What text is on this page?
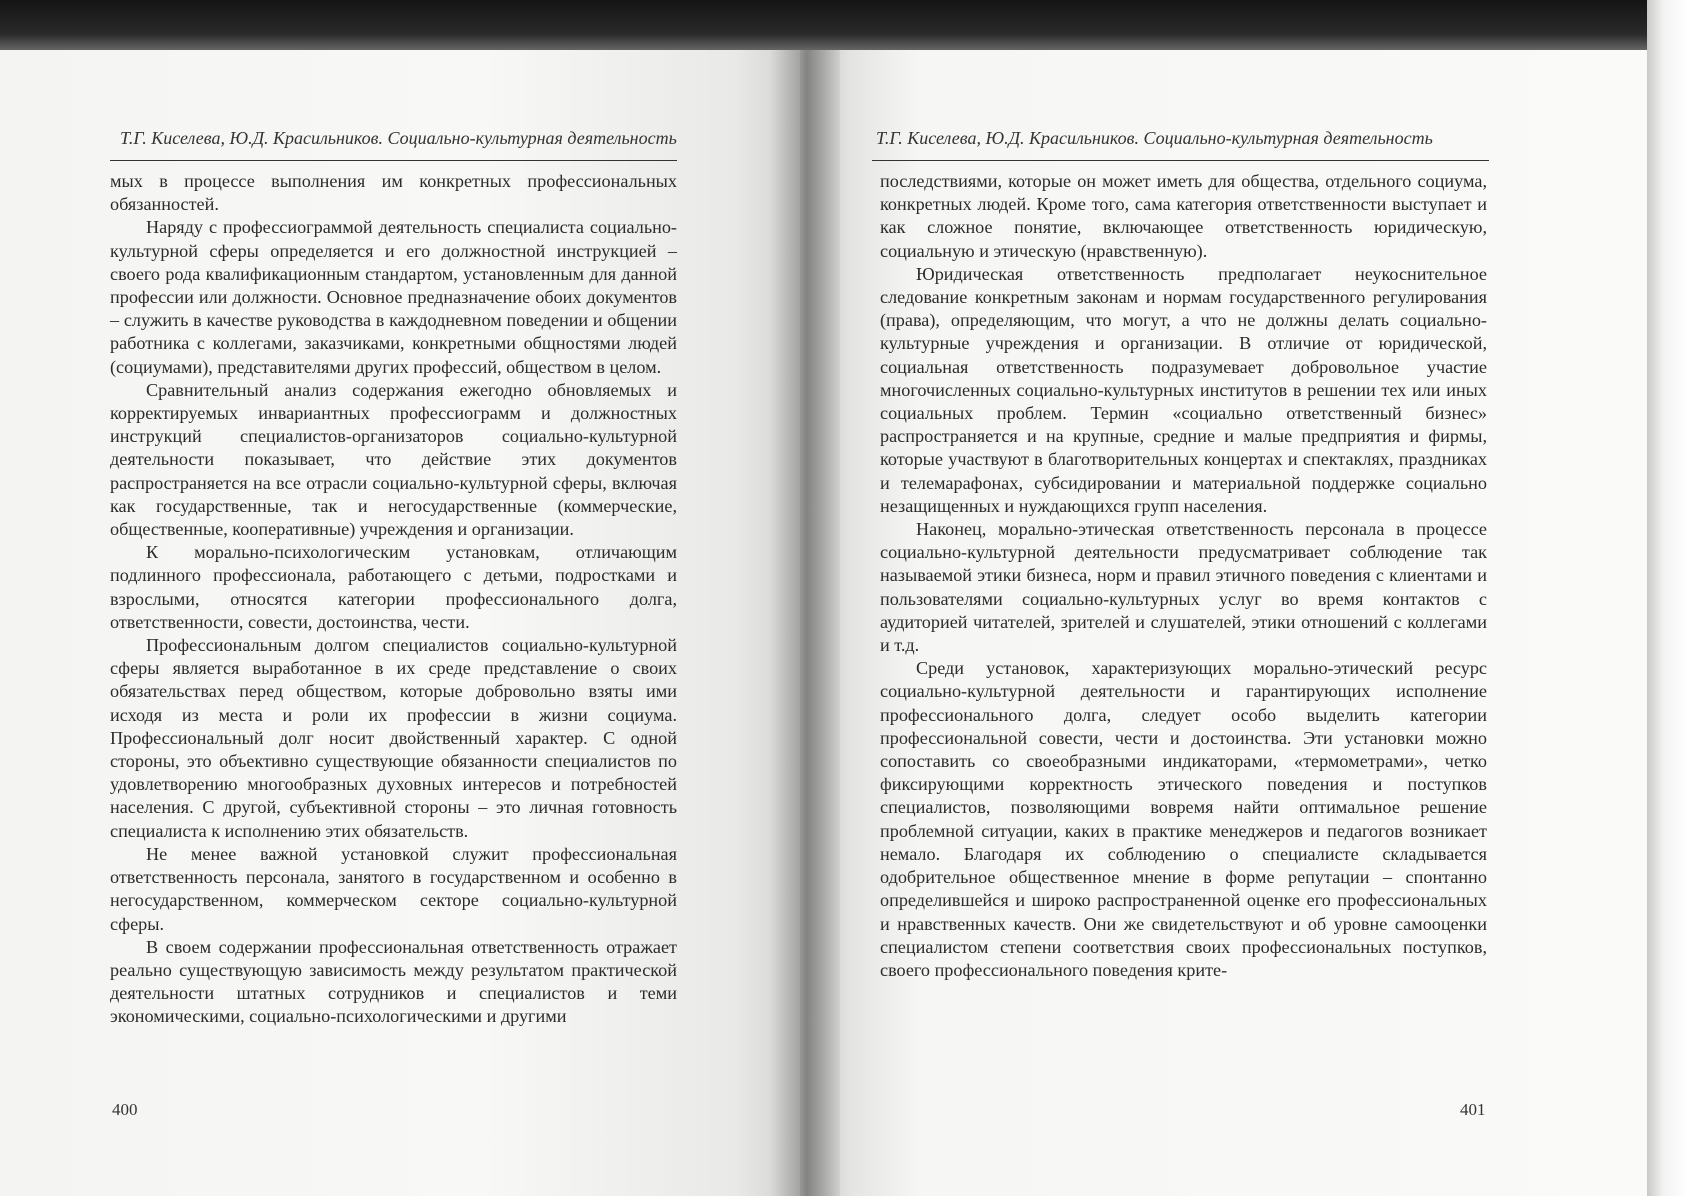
Т.Г. Киселева, Ю.Д. Красильников. Социально-культурная деятельность

мых в процессе выполнения им конкретных профессиональных обязанностей.

Наряду с профессиограммой деятельность специалиста социально-культурной сферы определяется и его должностной инструкцией – своего рода квалификационным стандартом, установленным для данной профессии или должности. Основное предназначение обоих документов – служить в качестве руководства в каждодневном поведении и общении работника с коллегами, заказчиками, конкретными общностями людей (социумами), представителями других профессий, обществом в целом.

Сравнительный анализ содержания ежегодно обновляемых и корректируемых инвариантных профессиограмм и должностных инструкций специалистов-организаторов социально-культурной деятельности показывает, что действие этих документов распространяется на все отрасли социально-культурной сферы, включая как государственные, так и негосударственные (коммерческие, общественные, кооперативные) учреждения и организации.

К морально-психологическим установкам, отличающим подлинного профессионала, работающего с детьми, подростками и взрослыми, относятся категории профессионального долга, ответственности, совести, достоинства, чести.

Профессиональным долгом специалистов социально-культурной сферы является выработанное в их среде представление о своих обязательствах перед обществом, которые добровольно взяты ими исходя из места и роли их профессии в жизни социума. Профессиональный долг носит двойственный характер. С одной стороны, это объективно существующие обязанности специалистов по удовлетворению многообразных духовных интересов и потребностей населения. С другой, субъективной стороны – это личная готовность специалиста к исполнению этих обязательств.

Не менее важной установкой служит профессиональная ответственность персонала, занятого в государственном и особенно в негосударственном, коммерческом секторе социально-культурной сферы.

В своем содержании профессиональная ответственность отражает реально существующую зависимость между результатом практической деятельности штатных сотрудников и специалистов и теми экономическими, социально-психологическими и другими

400
Т.Г. Киселева, Ю.Д. Красильников. Социально-культурная деятельность

последствиями, которые он может иметь для общества, отдельного социума, конкретных людей. Кроме того, сама категория ответственности выступает и как сложное понятие, включающее ответственность юридическую, социальную и этическую (нравственную).

Юридическая ответственность предполагает неукоснительное следование конкретным законам и нормам государственного регулирования (права), определяющим, что могут, а что не должны делать социально-культурные учреждения и организации. В отличие от юридической, социальная ответственность подразумевает добровольное участие многочисленных социально-культурных институтов в решении тех или иных социальных проблем. Термин «социально ответственный бизнес» распространяется и на крупные, средние и малые предприятия и фирмы, которые участвуют в благотворительных концертах и спектаклях, праздниках и телемарафонах, субсидировании и материальной поддержке социально незащищенных и нуждающихся групп населения.

Наконец, морально-этическая ответственность персонала в процессе социально-культурной деятельности предусматривает соблюдение так называемой этики бизнеса, норм и правил этичного поведения с клиентами и пользователями социально-культурных услуг во время контактов с аудиторией читателей, зрителей и слушателей, этики отношений с коллегами и т.д.

Среди установок, характеризующих морально-этический ресурс социально-культурной деятельности и гарантирующих исполнение профессионального долга, следует особо выделить категории профессиональной совести, чести и достоинства. Эти установки можно сопоставить со своеобразными индикаторами, «термометрами», четко фиксирующими корректность этического поведения и поступков специалистов, позволяющими вовремя найти оптимальное решение проблемной ситуации, каких в практике менеджеров и педагогов возникает немало. Благодаря их соблюдению о специалисте складывается одобрительное общественное мнение в форме репутации – спонтанно определившейся и широко распространенной оценке его профессиональных и нравственных качеств. Они же свидетельствуют и об уровне самооценки специалистом степени соответствия своих профессиональных поступков, своего профессионального поведения крите-

401
